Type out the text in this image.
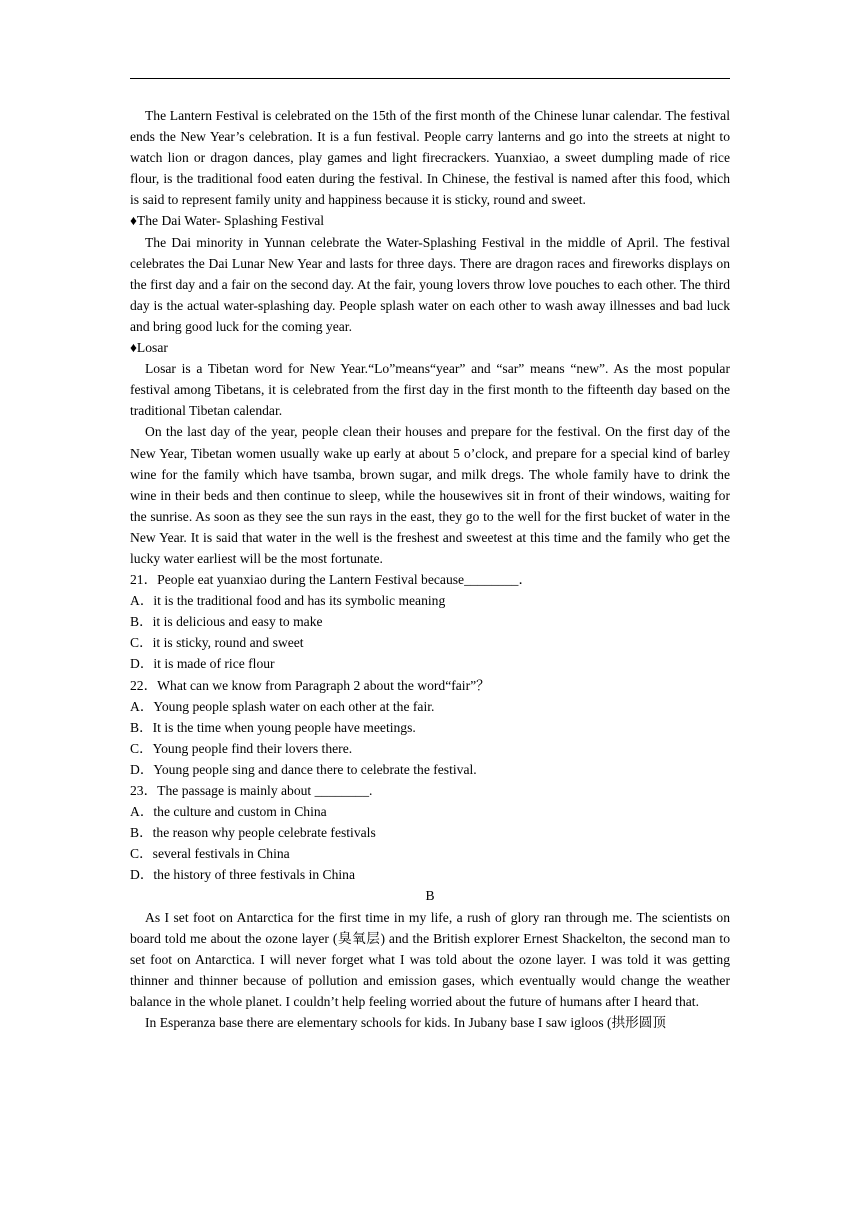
The Lantern Festival is celebrated on the 15th of the first month of the Chinese lunar calendar. The festival ends the New Year’s celebration. It is a fun festival. People carry lanterns and go into the streets at night to watch lion or dragon dances, play games and light firecrackers. Yuanxiao, a sweet dumpling made of rice flour, is the traditional food eaten during the festival. In Chinese, the festival is named after this food, which is said to represent family unity and happiness because it is sticky, round and sweet.

♦The Dai Water- Splashing Festival

The Dai minority in Yunnan celebrate the Water-Splashing Festival in the middle of April. The festival celebrates the Dai Lunar New Year and lasts for three days. There are dragon races and fireworks displays on the first day and a fair on the second day. At the fair, young lovers throw love pouches to each other. The third day is the actual water-splashing day. People splash water on each other to wash away illnesses and bad luck and bring good luck for the coming year.

♦Losar

Losar is a Tibetan word for New Year.“Lo”means“year” and “sar” means “new”. As the most popular festival among Tibetans, it is celebrated from the first day in the first month to the fifteenth day based on the traditional Tibetan calendar.

On the last day of the year, people clean their houses and prepare for the festival. On the first day of the New Year, Tibetan women usually wake up early at about 5 o’clock, and prepare for a special kind of barley wine for the family which have tsamba, brown sugar, and milk dregs. The whole family have to drink the wine in their beds and then continue to sleep, while the housewives sit in front of their windows, waiting for the sunrise. As soon as they see the sun rays in the east, they go to the well for the first bucket of water in the New Year. It is said that water in the well is the freshest and sweetest at this time and the family who get the lucky water earliest will be the most fortunate.

21．People eat yuanxiao during the Lantern Festival because________．

A．it is the traditional food and has its symbolic meaning

B．it is delicious and easy to make

C．it is sticky, round and sweet

D．it is made of rice flour

22．What can we know from Paragraph 2 about the word“fair”？

A．Young people splash water on each other at the fair.

B．It is the time when young people have meetings.

C．Young people find their lovers there.

D．Young people sing and dance there to celebrate the festival.

23．The passage is mainly about ________.

A．the culture and custom in China

B．the reason why people celebrate festivals

C．several festivals in China

D．the history of three festivals in China

B

As I set foot on Antarctica for the first time in my life, a rush of glory ran through me. The scientists on board told me about the ozone layer (臭氧层) and the British explorer Ernest Shackelton, the second man to set foot on Antarctica. I will never forget what I was told about the ozone layer. I was told it was getting thinner and thinner because of pollution and emission gases, which eventually would change the weather balance in the whole planet. I couldn’t help feeling worried about the future of humans after I heard that.

In Esperanza base there are elementary schools for kids. In Jubany base I saw igloos (拱形圆顶
